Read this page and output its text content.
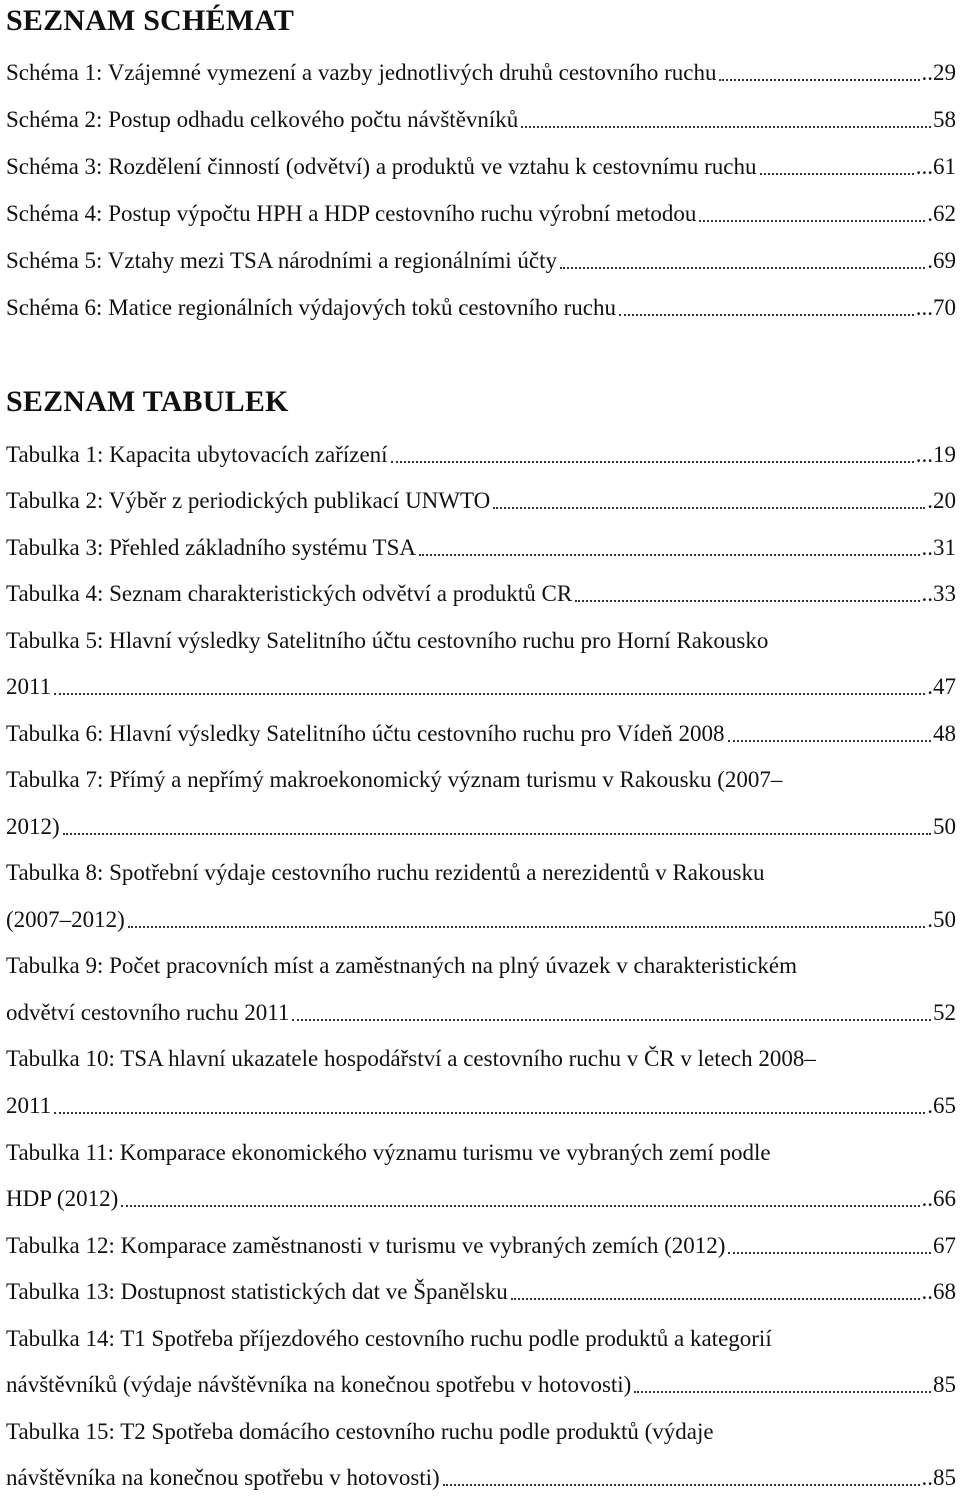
SEZNAM SCHÉMAT
Schéma 1: Vzájemné vymezení a vazby jednotlivých druhů cestovního ruchu	..29
Schéma 2: Postup odhadu celkového počtu návštěvníků	58
Schéma 3: Rozdělení činností (odvětví) a produktů ve vztahu k cestovnímu ruchu	...61
Schéma 4: Postup výpočtu HPH a HDP cestovního ruchu výrobní metodou	.62
Schéma 5: Vztahy mezi TSA národními a regionálními účty	.69
Schéma 6: Matice regionálních výdajových toků cestovního ruchu	...70
SEZNAM TABULEK
Tabulka 1: Kapacita ubytovacích zařízení	...19
Tabulka 2: Výběr z periodických publikací UNWTO	.20
Tabulka 3: Přehled základního systému TSA	..31
Tabulka 4: Seznam charakteristických odvětví a produktů CR	..33
Tabulka 5: Hlavní výsledky Satelitního účtu cestovního ruchu pro Horní Rakousko
2011	.47
Tabulka 6: Hlavní výsledky Satelitního účtu cestovního ruchu pro Vídeň 2008	48
Tabulka 7: Přímý a nepřímý makroekonomický význam turismu v Rakousku (2007–
2012)	50
Tabulka 8: Spotřební výdaje cestovního ruchu rezidentů a nerezidentů v Rakousku
(2007–2012)	.50
Tabulka 9: Počet pracovních míst a zaměstnaných na plný úvazek v charakteristickém
odvětví cestovního ruchu 2011	52
Tabulka 10: TSA hlavní ukazatele hospodářství a cestovního ruchu v ČR v letech 2008–
2011	.65
Tabulka 11: Komparace ekonomického významu turismu ve vybraných zemí podle
HDP (2012)	..66
Tabulka 12: Komparace zaměstnanosti v turismu ve vybraných zemích (2012)	67
Tabulka 13: Dostupnost statistických dat ve Španělsku	..68
Tabulka 14: T1 Spotřeba příjezdového cestovního ruchu podle produktů a kategorií
návštěvníků (výdaje návštěvníka na konečnou spotřebu v hotovosti)	85
Tabulka 15: T2 Spotřeba domácího cestovního ruchu podle produktů (výdaje
návštěvníka na konečnou spotřebu v hotovosti)	..85
